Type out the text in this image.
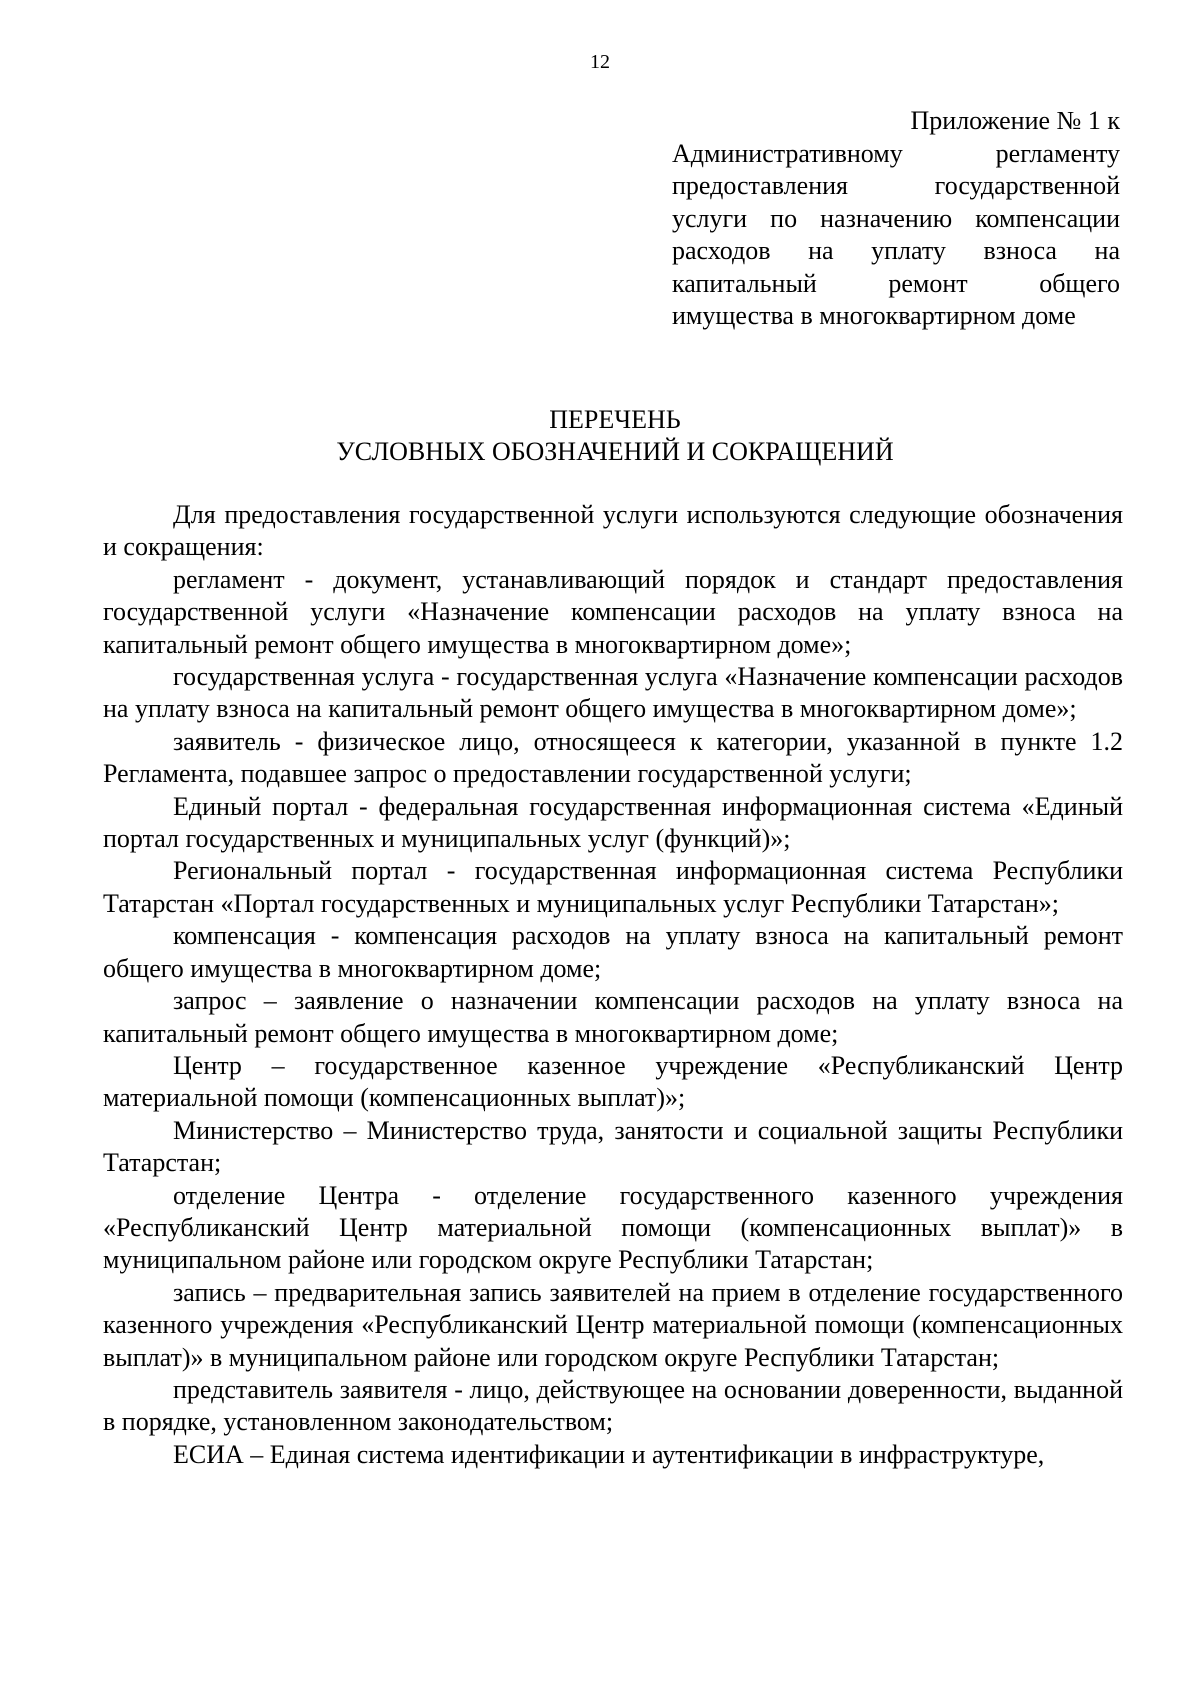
12
Приложение № 1 к
Административному регламенту
предоставления государственной
услуги по назначению компенсации
расходов на уплату взноса на
капитальный ремонт общего
имущества в многоквартирном доме
ПЕРЕЧЕНЬ
УСЛОВНЫХ ОБОЗНАЧЕНИЙ И СОКРАЩЕНИЙ

Для предоставления государственной услуги используются следующие обозначения и сокращения:

регламент - документ, устанавливающий порядок и стандарт предоставления государственной услуги «Назначение компенсации расходов на уплату взноса на капитальный ремонт общего имущества в многоквартирном доме»;

государственная услуга - государственная услуга «Назначение компенсации расходов на уплату взноса на капитальный ремонт общего имущества в многоквартирном доме»;

заявитель - физическое лицо, относящееся к категории, указанной в пункте 1.2 Регламента, подавшее запрос о предоставлении государственной услуги;

Единый портал - федеральная государственная информационная система «Единый портал государственных и муниципальных услуг (функций)»;

Региональный портал - государственная информационная система Республики Татарстан «Портал государственных и муниципальных услуг Республики Татарстан»;

компенсация - компенсация расходов на уплату взноса на капитальный ремонт общего имущества в многоквартирном доме;

запрос – заявление о назначении компенсации расходов на уплату взноса на капитальный ремонт общего имущества в многоквартирном доме;

Центр – государственное казенное учреждение «Республиканский Центр материальной помощи (компенсационных выплат)»;

Министерство – Министерство труда, занятости и социальной защиты Республики Татарстан;

отделение Центра - отделение государственного казенного учреждения «Республиканский Центр материальной помощи (компенсационных выплат)» в муниципальном районе или городском округе Республики Татарстан;

запись – предварительная запись заявителей на прием в отделение государственного казенного учреждения «Республиканский Центр материальной помощи (компенсационных выплат)» в муниципальном районе или городском округе Республики Татарстан;

представитель заявителя - лицо, действующее на основании доверенности, выданной в порядке, установленном законодательством;

ЕСИА – Единая система идентификации и аутентификации в инфраструктуре,
